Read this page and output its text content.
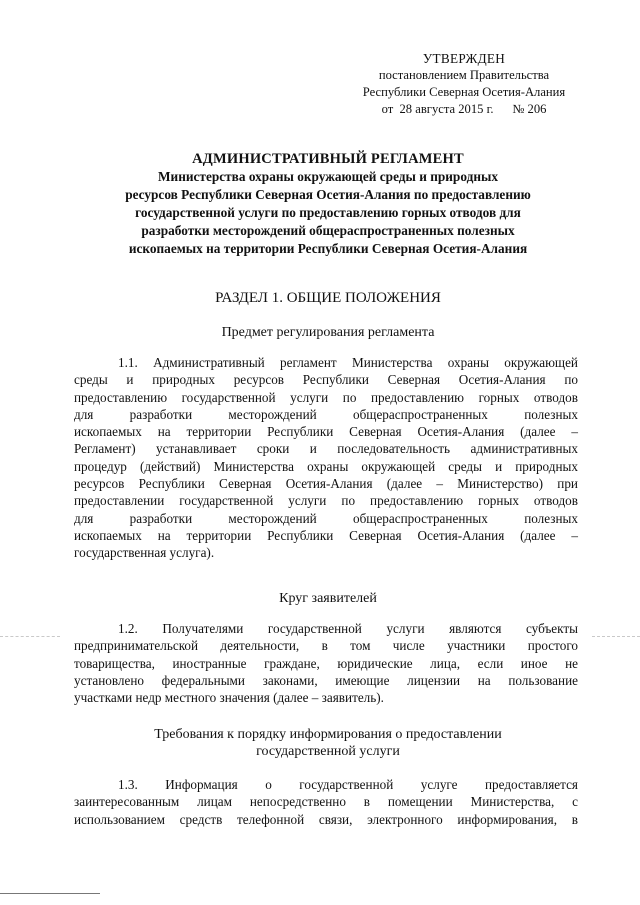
УТВЕРЖДЕН
постановлением Правительства
Республики Северная Осетия-Алания
от  28 августа 2015 г.      № 206
АДМИНИСТРАТИВНЫЙ РЕГЛАМЕНТ
Министерства охраны окружающей среды и природных
ресурсов Республики Северная Осетия-Алания по предоставлению
государственной услуги по предоставлению горных отводов для
разработки месторождений общераспространенных полезных
ископаемых на территории Республики Северная Осетия-Алания
РАЗДЕЛ 1. ОБЩИЕ ПОЛОЖЕНИЯ
Предмет регулирования регламента
1.1. Административный регламент Министерства охраны окружающей
среды и природных ресурсов Республики Северная Осетия-Алания по
предоставлению государственной услуги по предоставлению горных отводов
для разработки месторождений общераспространенных полезных
ископаемых на территории Республики Северная Осетия-Алания (далее –
Регламент) устанавливает сроки и последовательность административных
процедур (действий) Министерства охраны окружающей среды и природных
ресурсов Республики Северная Осетия-Алания (далее – Министерство) при
предоставлении государственной услуги по предоставлению горных отводов
для разработки месторождений общераспространенных полезных
ископаемых на территории Республики Северная Осетия-Алания (далее –
государственная услуга).
Круг заявителей
1.2. Получателями государственной услуги являются субъекты
предпринимательской деятельности, в том числе участники простого
товарищества, иностранные граждане, юридические лица, если иное не
установлено федеральными законами, имеющие лицензии на пользование
участками недр местного значения (далее – заявитель).
Требования к порядку информирования о предоставлении
государственной услуги
1.3. Информация о государственной услуге предоставляется
заинтересованным лицам непосредственно в помещении Министерства, с
использованием средств телефонной связи, электронного информирования, в
